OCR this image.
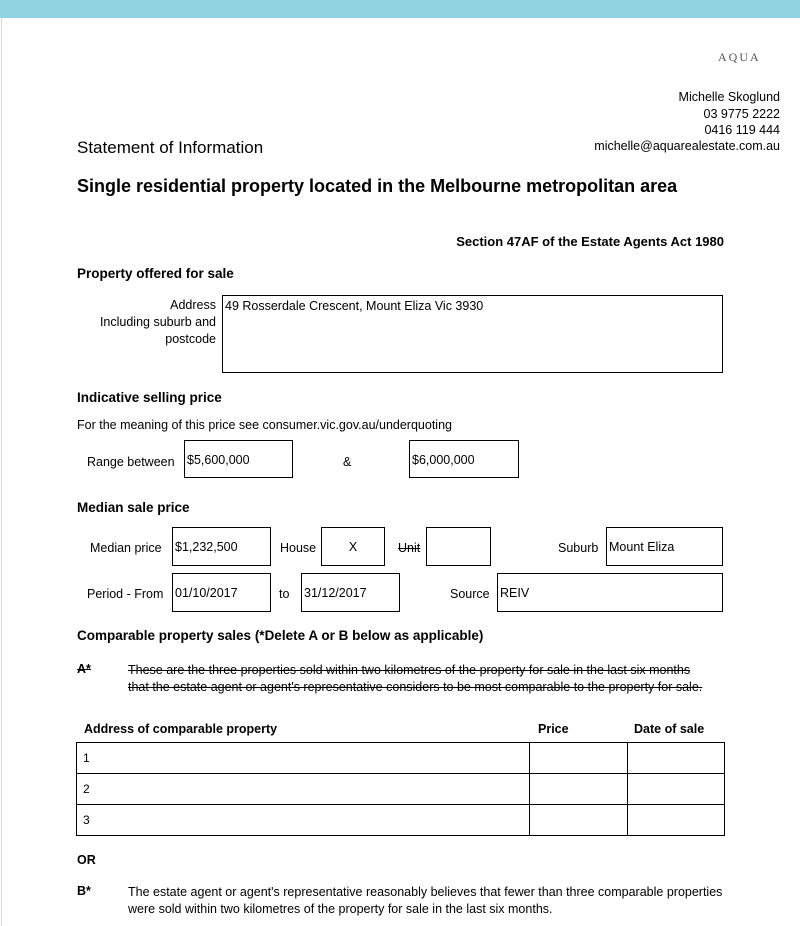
AQUA
Michelle Skoglund
03 9775 2222
0416 119 444
michelle@aquarealestate.com.au
Statement of Information
Single residential property located in the Melbourne metropolitan area
Section 47AF of the Estate Agents Act 1980
Property offered for sale
Address
Including suburb and
postcode
49 Rosserdale Crescent, Mount Eliza Vic 3930
Indicative selling price
For the meaning of this price see consumer.vic.gov.au/underquoting
Range between $5,600,000	&	$6,000,000
Median sale price
Median price $1,232,500	House	X	Unit	Suburb Mount Eliza
Period - From 01/10/2017	to 31/12/2017	Source REIV
Comparable property sales (*Delete A or B below as applicable)
A*	These are the three properties sold within two kilometres of the property for sale in the last six months that the estate agent or agent's representative considers to be most comparable to the property for sale.
Address of comparable property	Price	Date of sale
1		
2		
3		
OR
B*	The estate agent or agent's representative reasonably believes that fewer than three comparable properties were sold within two kilometres of the property for sale in the last six months.
